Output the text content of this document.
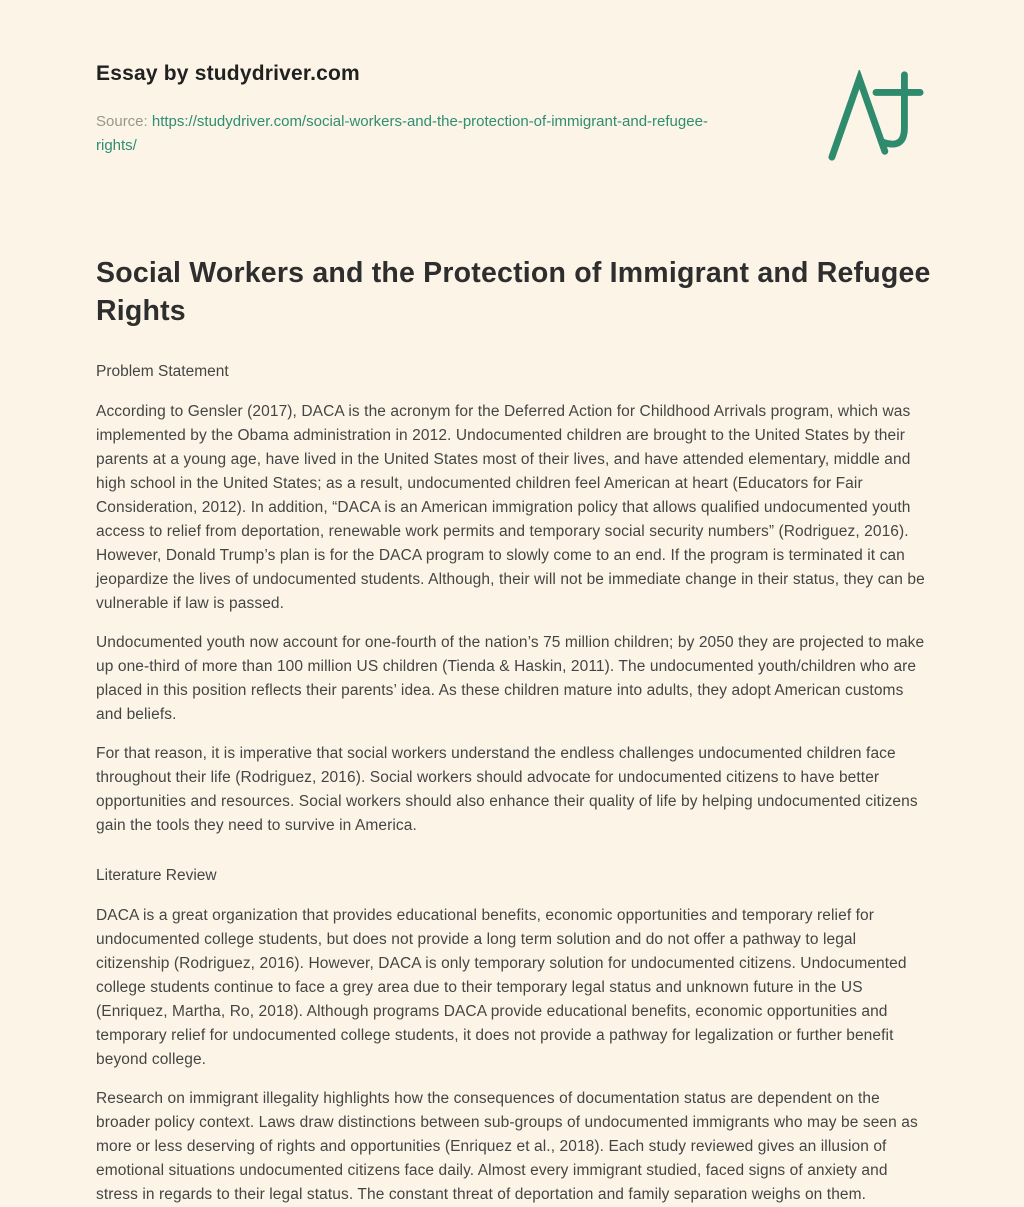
Essay by studydriver.com
Source: https://studydriver.com/social-workers-and-the-protection-of-immigrant-and-refugee-rights/
Social Workers and the Protection of Immigrant and Refugee Rights
Problem Statement

According to Gensler (2017), DACA is the acronym for the Deferred Action for Childhood Arrivals program, which was implemented by the Obama administration in 2012. Undocumented children are brought to the United States by their parents at a young age, have lived in the United States most of their lives, and have attended elementary, middle and high school in the United States; as a result, undocumented children feel American at heart (Educators for Fair Consideration, 2012). In addition, “DACA is an American immigration policy that allows qualified undocumented youth access to relief from deportation, renewable work permits and temporary social security numbers” (Rodriguez, 2016). However, Donald Trump’s plan is for the DACA program to slowly come to an end. If the program is terminated it can jeopardize the lives of undocumented students. Although, their will not be immediate change in their status, they can be vulnerable if law is passed.

Undocumented youth now account for one-fourth of the nation’s 75 million children; by 2050 they are projected to make up one-third of more than 100 million US children (Tienda & Haskin, 2011). The undocumented youth/children who are placed in this position reflects their parents’ idea. As these children mature into adults, they adopt American customs and beliefs.

For that reason, it is imperative that social workers understand the endless challenges undocumented children face throughout their life (Rodriguez, 2016). Social workers should advocate for undocumented citizens to have better opportunities and resources. Social workers should also enhance their quality of life by helping undocumented citizens gain the tools they need to survive in America.

Literature Review

DACA is a great organization that provides educational benefits, economic opportunities and temporary relief for undocumented college students, but does not provide a long term solution and do not offer a pathway to legal citizenship (Rodriguez, 2016). However, DACA is only temporary solution for undocumented citizens. Undocumented college students continue to face a grey area due to their temporary legal status and unknown future in the US (Enriquez, Martha, Ro, 2018). Although programs DACA provide educational benefits, economic opportunities and temporary relief for undocumented college students, it does not provide a pathway for legalization or further benefit beyond college.

Research on immigrant illegality highlights how the consequences of documentation status are dependent on the broader policy context. Laws draw distinctions between sub-groups of undocumented immigrants who may be seen as more or less deserving of rights and opportunities (Enriquez et al., 2018). Each study reviewed gives an illusion of emotional situations undocumented citizens face daily. Almost every immigrant studied, faced signs of anxiety and stress in regards to their legal status. The constant threat of deportation and family separation weighs on them.
